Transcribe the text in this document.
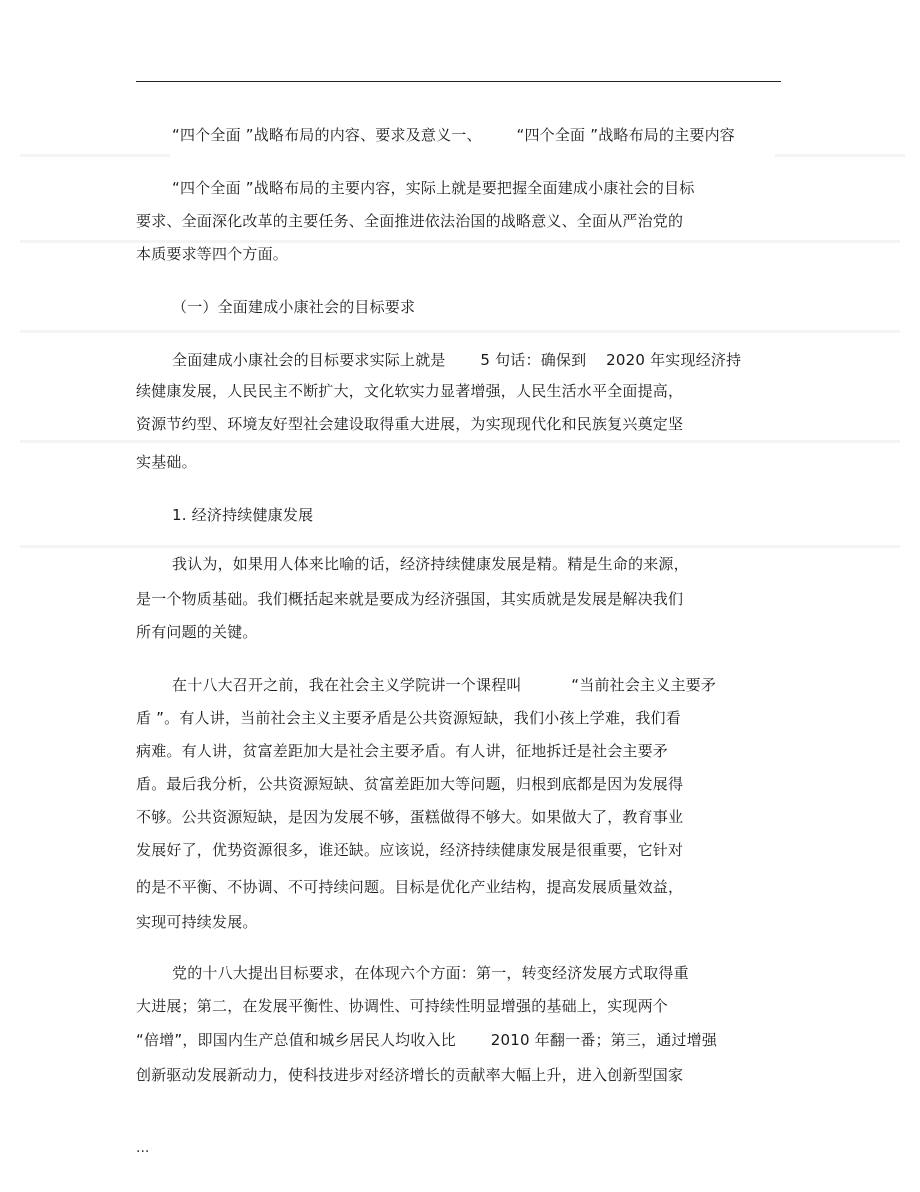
“四个全面 ”战略布局的内容、要求及意义一、       “四个全面 ”战略布局的主要内容
“四个全面 ”战略布局的主要内容，实际上就是要把握全面建成小康社会的目标
要求、全面深化改革的主要任务、全面推进依法治国的战略意义、全面从严治党的
本质要求等四个方面。
（一）全面建成小康社会的目标要求
全面建成小康社会的目标要求实际上就是       5 句话：确保到    2020 年实现经济持
续健康发展，人民民主不断扩大，文化软实力显著增强，人民生活水平全面提高，
资源节约型、环境友好型社会建设取得重大进展，为实现现代化和民族复兴奠定坚
实基础。
1. 经济持续健康发展
我认为，如果用人体来比喻的话，经济持续健康发展是精。精是生命的来源，
是一个物质基础。我们概括起来就是要成为经济强国，其实质就是发展是解决我们
所有问题的关键。
在十八大召开之前，我在社会主义学院讲一个课程叫          “当前社会主义主要矛
盾 ”。有人讲，当前社会主义主要矛盾是公共资源短缺，我们小孩上学难，我们看
病难。有人讲，贫富差距加大是社会主要矛盾。有人讲，征地拆迁是社会主要矛
盾。最后我分析，公共资源短缺、贫富差距加大等问题，归根到底都是因为发展得
不够。公共资源短缺，是因为发展不够，蛋糕做得不够大。如果做大了，教育事业
发展好了，优势资源很多，谁还缺。应该说，经济持续健康发展是很重要，它针对
的是不平衡、不协调、不可持续问题。目标是优化产业结构，提高发展质量效益，
实现可持续发展。
党的十八大提出目标要求，在体现六个方面：第一，转变经济发展方式取得重
大进展；第二，在发展平衡性、协调性、可持续性明显增强的基础上，实现两个
“倍增”，即国内生产总值和城乡居民人均收入比       2010 年翻一番；第三，通过增强
创新驱动发展新动力，使科技进步对经济增长的贡献率大幅上升，进入创新型国家
...
